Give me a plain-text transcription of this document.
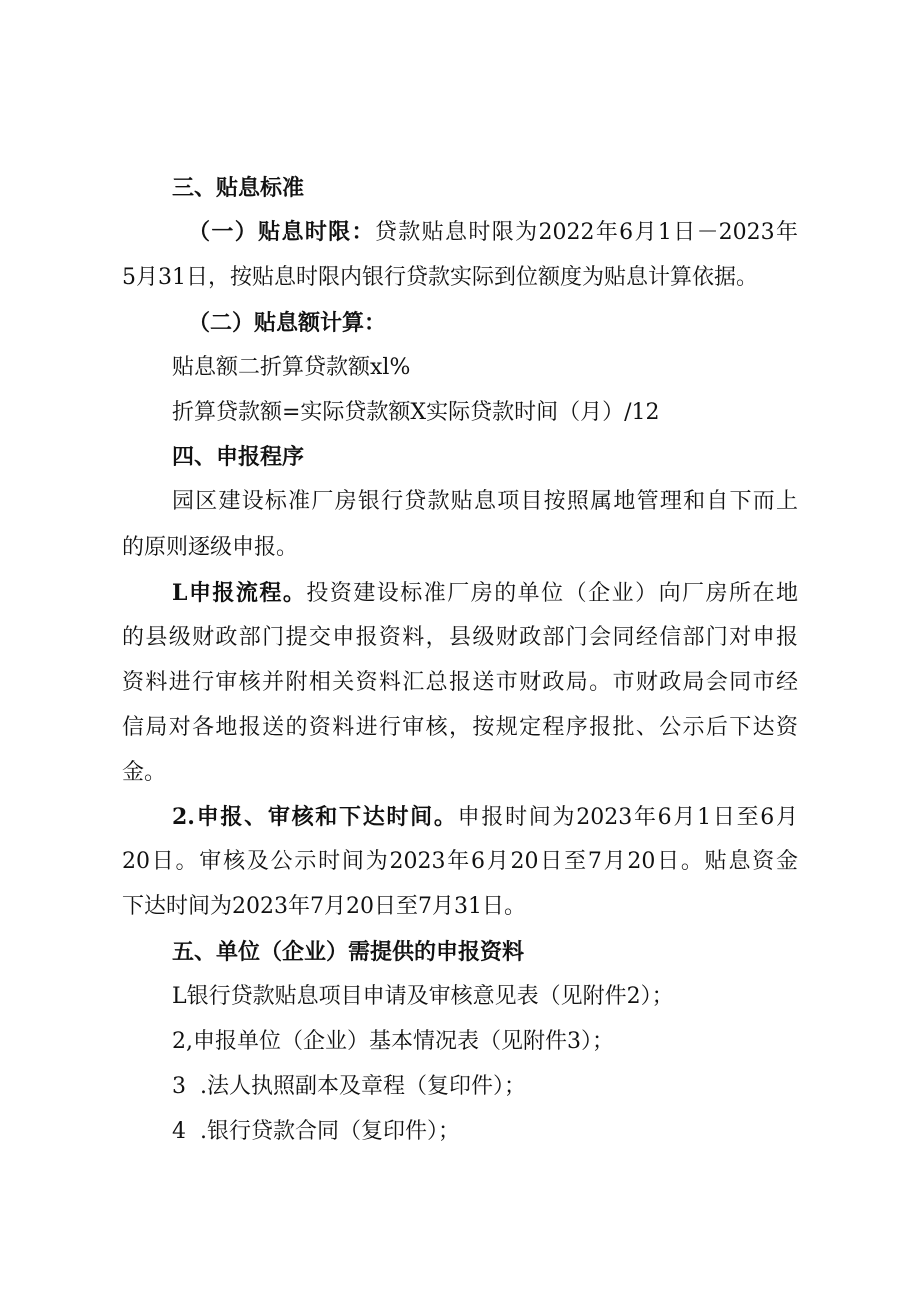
三、贴息标准
（一）贴息时限：贷款贴息时限为2022年6月1日－2023年
5月31日，按贴息时限内银行贷款实际到位额度为贴息计算依据。
（二）贴息额计算：
贴息额二折算贷款额xl%
折算贷款额=实际贷款额X实际贷款时间（月）/12
四、申报程序
园区建设标准厂房银行贷款贴息项目按照属地管理和自下而上
的原则逐级申报。
L申报流程。投资建设标准厂房的单位（企业）向厂房所在地
的县级财政部门提交申报资料，县级财政部门会同经信部门对申报
资料进行审核并附相关资料汇总报送市财政局。市财政局会同市经
信局对各地报送的资料进行审核，按规定程序报批、公示后下达资
金。
2.申报、审核和下达时间。申报时间为2023年6月1日至6月
20日。审核及公示时间为2023年6月20日至7月20日。贴息资金
下达时间为2023年7月20日至7月31日。
五、单位（企业）需提供的申报资料
L银行贷款贴息项目申请及审核意见表（见附件2）；
2,申报单位（企业）基本情况表（见附件3）；
3  .法人执照副本及章程（复印件）；
4  .银行贷款合同（复印件）；
